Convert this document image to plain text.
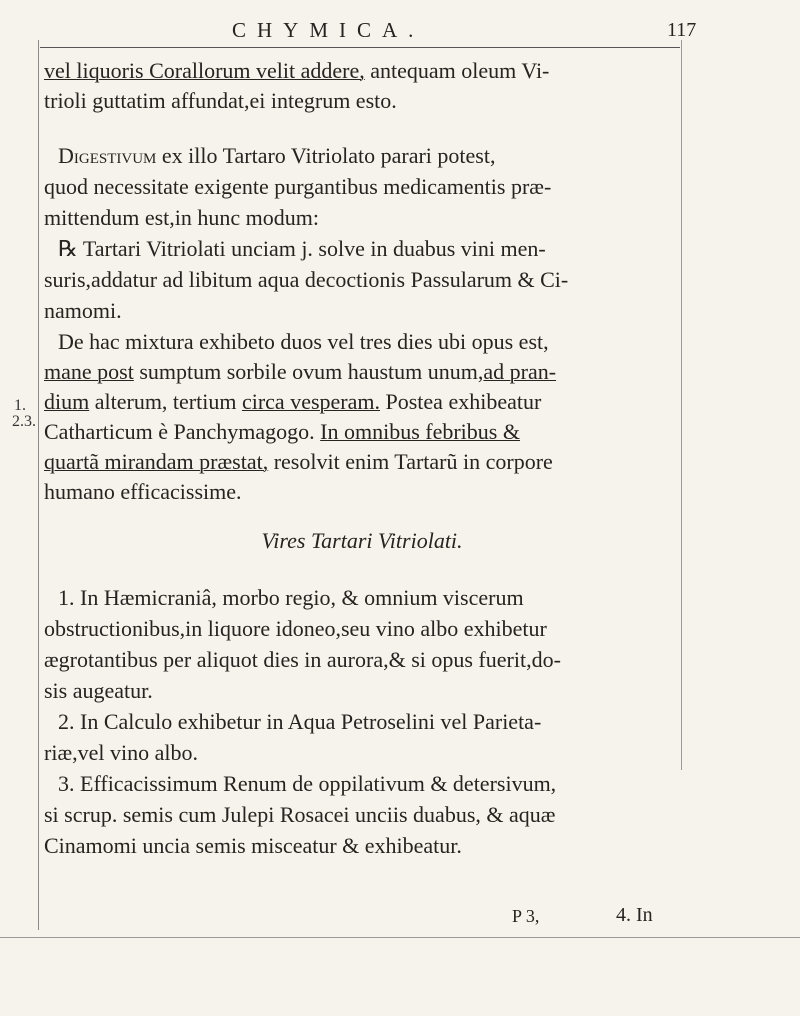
CHYMICA.	117
1.
2.3.
vel liquoris Corallorum velit addere, antequam oleum Vi-
trioli guttatim affundat,ei integrum esto.
Digestivum ex illo Tartaro Vitriolato parari potest,
quod necessitate exigente purgantibus medicamentis præ-
mittendum est,in hunc modum:
℞ Tartari Vitriolati unciam j. solve in duabus vini men-
suris,addatur ad libitum aqua decoctionis Passularum & Ci-
namomi.
De hac mixtura exhibeto duos vel tres dies ubi opus est,
mane post sumptum sorbile ovum haustum unum,ad pran-
dium alterum, tertium circa vesperam. Postea exhibeatur
Catharticum è Panchymagogo. In omnibus febribus &
quartã mirandam præstat, resolvit enim Tartarũ in corpore
humano efficacissime.
Vires Tartari Vitriolati.
1. In Hæmicraniâ, morbo regio, & omnium viscerum
obstructionibus,in liquore idoneo,seu vino albo exhibetur
ægrotantibus per aliquot dies in aurora,& si opus fuerit,do-
sis augeatur.
2. In Calculo exhibetur in Aqua Petroselini vel Parieta-
riæ,vel vino albo.
3. Efficacissimum Renum de oppilativum & detersivum,
si scrup. semis cum Julepi Rosacei unciis duabus, & aquæ
Cinamomi uncia semis misceatur & exhibeatur.
P 3,	4. In
